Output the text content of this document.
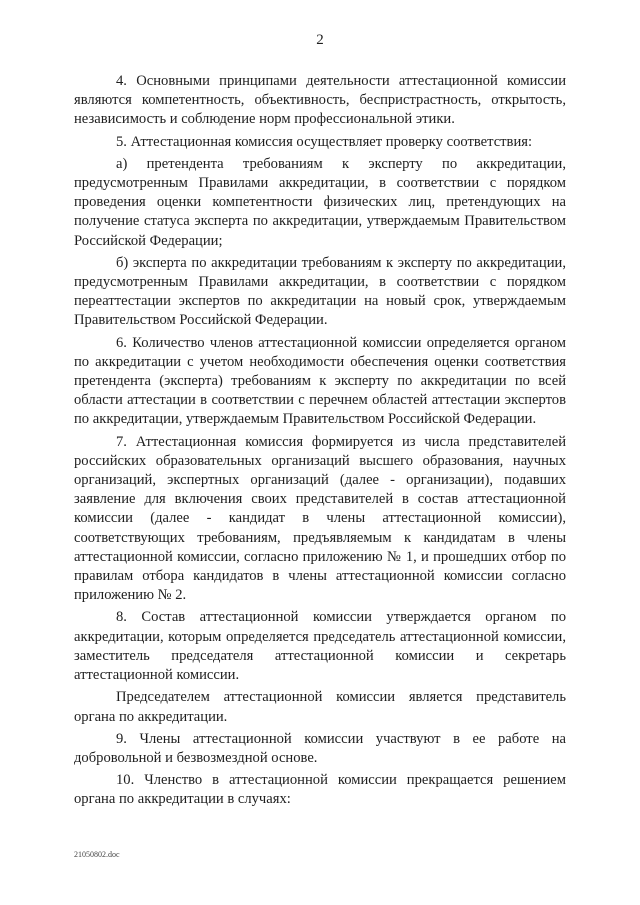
2

4. Основными принципами деятельности аттестационной комиссии являются компетентность, объективность, беспристрастность, открытость, независимость и соблюдение норм профессиональной этики.

5. Аттестационная комиссия осуществляет проверку соответствия:

а) претендента требованиям к эксперту по аккредитации, предусмотренным Правилами аккредитации, в соответствии с порядком проведения оценки компетентности физических лиц, претендующих на получение статуса эксперта по аккредитации, утверждаемым Правительством Российской Федерации;

б) эксперта по аккредитации требованиям к эксперту по аккредитации, предусмотренным Правилами аккредитации, в соответствии с порядком переаттестации экспертов по аккредитации на новый срок, утверждаемым Правительством Российской Федерации.

6. Количество членов аттестационной комиссии определяется органом по аккредитации с учетом необходимости обеспечения оценки соответствия претендента (эксперта) требованиям к эксперту по аккредитации по всей области аттестации в соответствии с перечнем областей аттестации экспертов по аккредитации, утверждаемым Правительством Российской Федерации.

7. Аттестационная комиссия формируется из числа представителей российских образовательных организаций высшего образования, научных организаций, экспертных организаций (далее - организации), подавших заявление для включения своих представителей в состав аттестационной комиссии (далее - кандидат в члены аттестационной комиссии), соответствующих требованиям, предъявляемым к кандидатам в члены аттестационной комиссии, согласно приложению № 1, и прошедших отбор по правилам отбора кандидатов в члены аттестационной комиссии согласно приложению № 2.

8. Состав аттестационной комиссии утверждается органом по аккредитации, которым определяется председатель аттестационной комиссии, заместитель председателя аттестационной комиссии и секретарь аттестационной комиссии.

Председателем аттестационной комиссии является представитель органа по аккредитации.

9. Члены аттестационной комиссии участвуют в ее работе на добровольной и безвозмездной основе.

10. Членство в аттестационной комиссии прекращается решением органа по аккредитации в случаях:

21050802.doc
